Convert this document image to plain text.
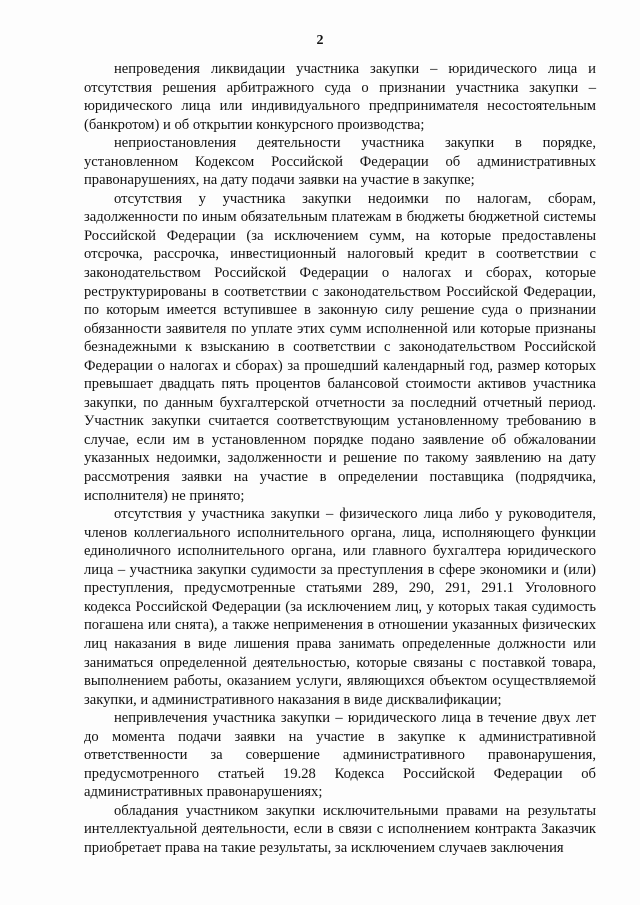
2

непроведения ликвидации участника закупки – юридического лица и отсутствия решения арбитражного суда о признании участника закупки – юридического лица или индивидуального предпринимателя несостоятельным (банкротом) и об открытии конкурсного производства;

неприостановления деятельности участника закупки в порядке, установленном Кодексом Российской Федерации об административных правонарушениях, на дату подачи заявки на участие в закупке;

отсутствия у участника закупки недоимки по налогам, сборам, задолженности по иным обязательным платежам в бюджеты бюджетной системы Российской Федерации (за исключением сумм, на которые предоставлены отсрочка, рассрочка, инвестиционный налоговый кредит в соответствии с законодательством Российской Федерации о налогах и сборах, которые реструктурированы в соответствии с законодательством Российской Федерации, по которым имеется вступившее в законную силу решение суда о признании обязанности заявителя по уплате этих сумм исполненной или которые признаны безнадежными к взысканию в соответствии с законодательством Российской Федерации о налогах и сборах) за прошедший календарный год, размер которых превышает двадцать пять процентов балансовой стоимости активов участника закупки, по данным бухгалтерской отчетности за последний отчетный период. Участник закупки считается соответствующим установленному требованию в случае, если им в установленном порядке подано заявление об обжаловании указанных недоимки, задолженности и решение по такому заявлению на дату рассмотрения заявки на участие в определении поставщика (подрядчика, исполнителя) не принято;

отсутствия у участника закупки – физического лица либо у руководителя, членов коллегиального исполнительного органа, лица, исполняющего функции единоличного исполнительного органа, или главного бухгалтера юридического лица – участника закупки судимости за преступления в сфере экономики и (или) преступления, предусмотренные статьями 289, 290, 291, 291.1 Уголовного кодекса Российской Федерации (за исключением лиц, у которых такая судимость погашена или снята), а также неприменения в отношении указанных физических лиц наказания в виде лишения права занимать определенные должности или заниматься определенной деятельностью, которые связаны с поставкой товара, выполнением работы, оказанием услуги, являющихся объектом осуществляемой закупки, и административного наказания в виде дисквалификации;

непривлечения участника закупки – юридического лица в течение двух лет до момента подачи заявки на участие в закупке к административной ответственности за совершение административного правонарушения, предусмотренного статьей 19.28 Кодекса Российской Федерации об административных правонарушениях;

обладания участником закупки исключительными правами на результаты интеллектуальной деятельности, если в связи с исполнением контракта Заказчик приобретает права на такие результаты, за исключением случаев заключения
